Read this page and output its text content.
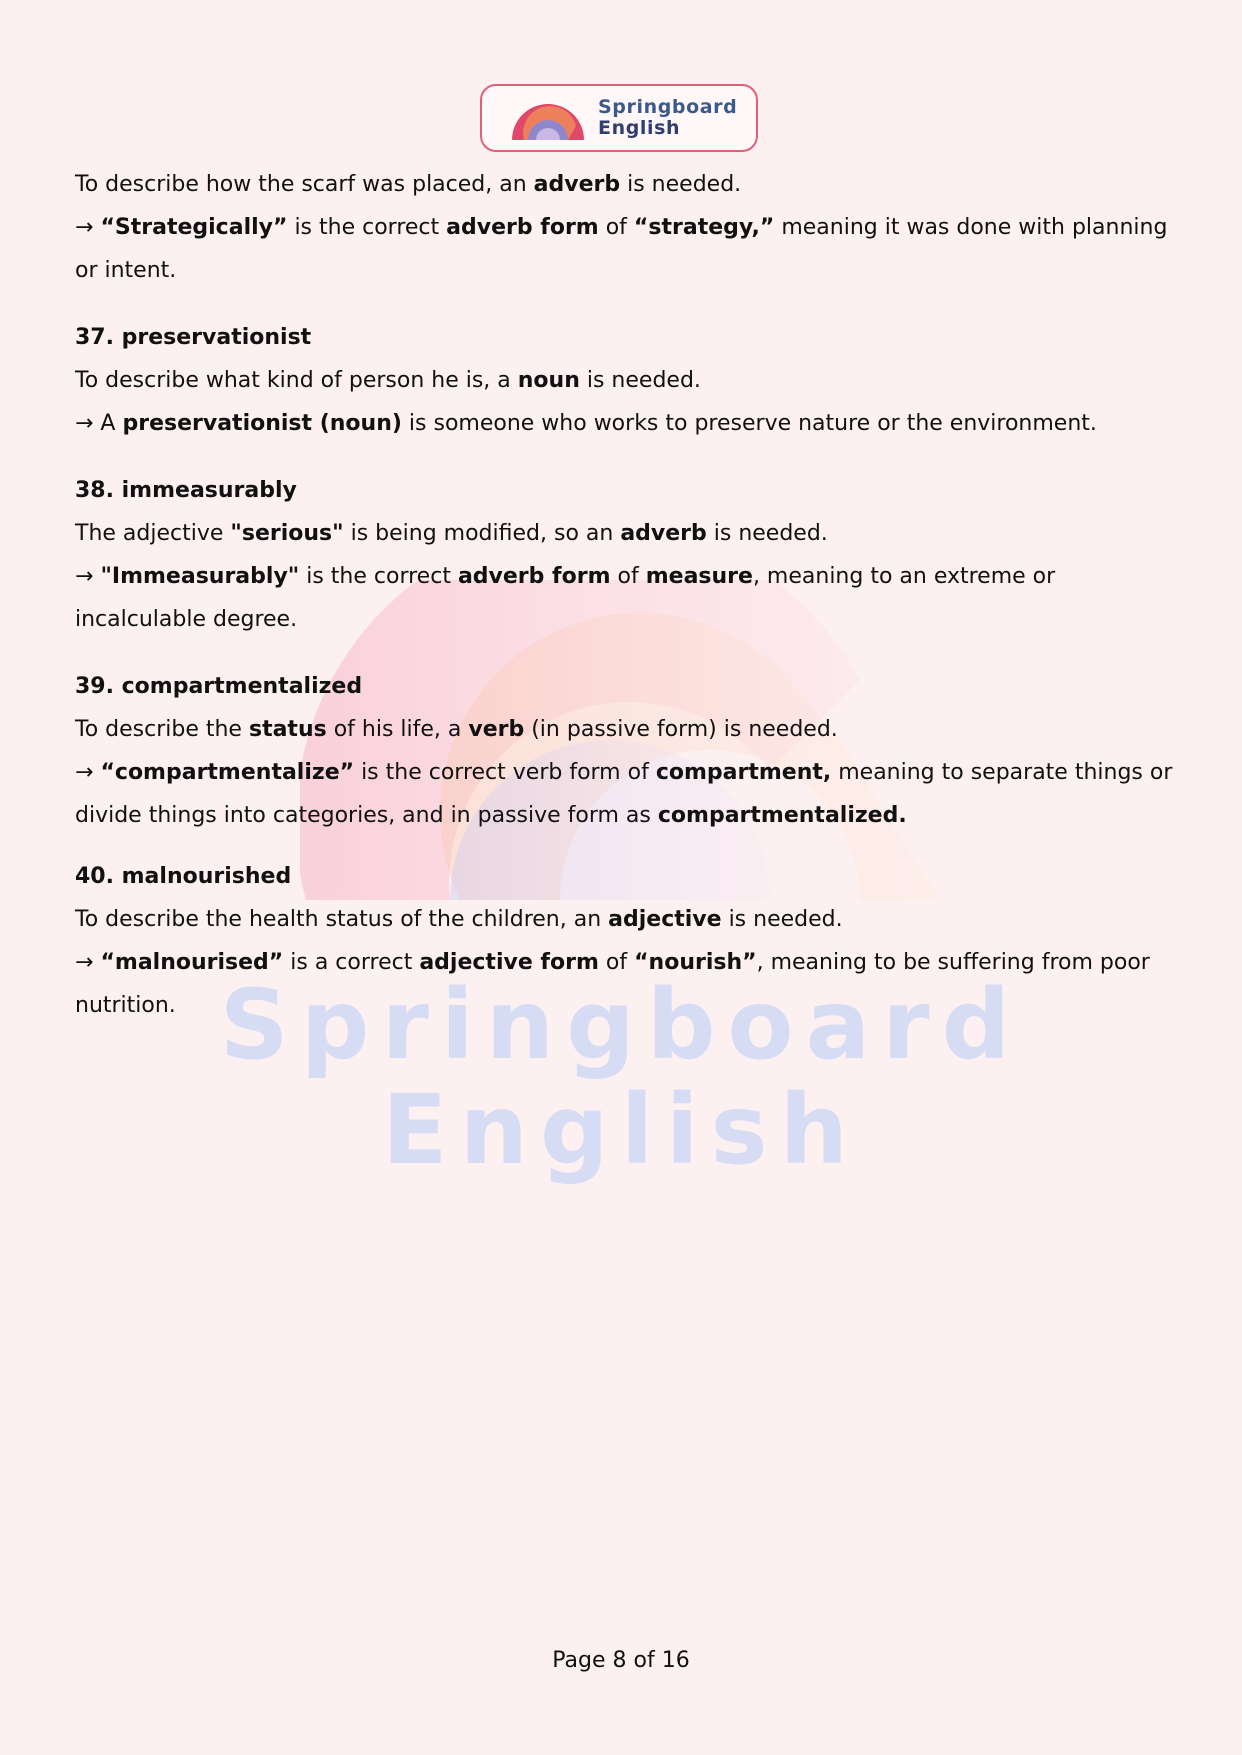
Springboard
English
Springboard
English
To describe how the scarf was placed, an adverb is needed.
→ “Strategically” is the correct adverb form of “strategy,” meaning it was done with planning
or intent.
37. preservationist
To describe what kind of person he is, a noun is needed.
→ A preservationist (noun) is someone who works to preserve nature or the environment.
38. immeasurably
The adjective "serious" is being modified, so an adverb is needed.
→ "Immeasurably" is the correct adverb form of measure, meaning to an extreme or
incalculable degree.
39. compartmentalized
To describe the status of his life, a verb (in passive form) is needed.
→ “compartmentalize” is the correct verb form of compartment, meaning to separate things or
divide things into categories, and in passive form as compartmentalized.
40. malnourished
To describe the health status of the children, an adjective is needed.
→ “malnourised” is a correct adjective form of “nourish”, meaning to be suffering from poor
nutrition.
Page 8 of 16
